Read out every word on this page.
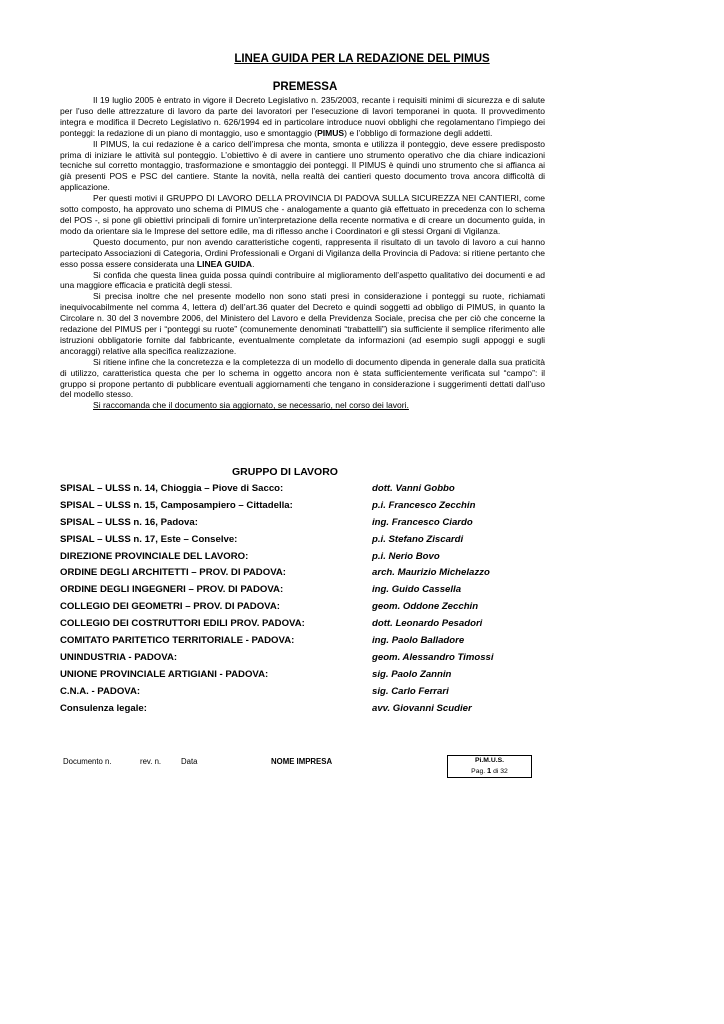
LINEA GUIDA PER LA REDAZIONE DEL PIMUS
PREMESSA

Il 19 luglio 2005 è entrato in vigore il Decreto Legislativo n. 235/2003, recante i requisiti minimi di sicurezza e di salute per l'uso delle attrezzature di lavoro da parte dei lavoratori per l’esecuzione di lavori temporanei in quota. Il provvedimento integra e modifica il Decreto Legislativo n. 626/1994 ed in particolare introduce nuovi obblighi che regolamentano l’impiego dei ponteggi: la redazione di un piano di montaggio, uso e smontaggio (PIMUS) e l’obbligo di formazione degli addetti.

Il PIMUS, la cui redazione è a carico dell’impresa che monta, smonta e utilizza il ponteggio, deve essere predisposto prima di iniziare le attività sul ponteggio. L’obiettivo è di avere in cantiere uno strumento operativo che dia chiare indicazioni tecniche sul corretto montaggio, trasformazione e smontaggio dei ponteggi. Il PIMUS è quindi uno strumento che si affianca ai già presenti POS e PSC del cantiere. Stante la novità, nella realtà dei cantieri questo documento trova ancora difficoltà di applicazione.

Per questi motivi il GRUPPO DI LAVORO DELLA PROVINCIA DI PADOVA SULLA SICUREZZA NEI CANTIERI, come sotto composto, ha approvato uno schema di PIMUS che - analogamente a quanto già effettuato in precedenza con lo schema del POS -, si pone gli obiettivi principali di fornire un’interpretazione della recente normativa e di creare un documento guida, in modo da orientare sia le Imprese del settore edile, ma di riflesso anche i Coordinatori e gli stessi Organi di Vigilanza.

Questo documento, pur non avendo caratteristiche cogenti, rappresenta il risultato di un tavolo di lavoro a cui hanno partecipato Associazioni di Categoria, Ordini Professionali e Organi di Vigilanza della Provincia di Padova: si ritiene pertanto che esso possa essere considerata una LINEA GUIDA.

Si confida che questa linea guida possa quindi contribuire al miglioramento dell’aspetto qualitativo dei documenti e ad una maggiore efficacia e praticità degli stessi.

Si precisa inoltre che nel presente modello non sono stati presi in considerazione i ponteggi su ruote, richiamati inequivocabilmente nel comma 4, lettera d) dell’art.36 quater del Decreto e quindi soggetti ad obbligo di PIMUS, in quanto la Circolare n. 30 del 3 novembre 2006, del Ministero del Lavoro e della Previdenza Sociale, precisa che per ciò che concerne la redazione del PIMUS per i “ponteggi su ruote” (comunemente denominati “trabattelli”) sia sufficiente il semplice riferimento alle istruzioni obbligatorie fornite dal fabbricante, eventualmente completate da informazioni (ad esempio sugli appoggi e sugli ancoraggi) relative alla specifica realizzazione.

Si ritiene infine che la concretezza e la completezza di un modello di documento dipenda in generale dalla sua praticità di utilizzo, caratteristica questa che per lo schema in oggetto ancora non è stata sufficientemente verificata sul “campo”: il gruppo si propone pertanto di pubblicare eventuali aggiornamenti che tengano in considerazione i suggerimenti dettati dall’uso del modello stesso.

Si raccomanda che il documento sia aggiornato, se necessario, nel corso dei lavori.

GRUPPO DI LAVORO
SPISAL – ULSS n. 14, Chioggia – Piove di Sacco:	dott. Vanni Gobbo
SPISAL – ULSS n. 15, Camposampiero – Cittadella:	p.i. Francesco Zecchin
SPISAL – ULSS n. 16, Padova:	ing. Francesco Ciardo
SPISAL – ULSS n. 17, Este – Conselve:	p.i. Stefano Ziscardi
DIREZIONE PROVINCIALE DEL LAVORO:	p.i. Nerio Bovo
ORDINE DEGLI ARCHITETTI – PROV. DI PADOVA:	arch. Maurizio Michelazzo
ORDINE DEGLI INGEGNERI – PROV. DI PADOVA:	ing. Guido Cassella
COLLEGIO DEI GEOMETRI – PROV. DI PADOVA:	geom. Oddone Zecchin
COLLEGIO DEI COSTRUTTORI EDILI PROV. PADOVA:	dott. Leonardo Pesadori
COMITATO PARITETICO TERRITORIALE - PADOVA:	ing. Paolo Balladore
UNINDUSTRIA - PADOVA:	geom. Alessandro Timossi
UNIONE PROVINCIALE ARTIGIANI - PADOVA:	sig. Paolo Zannin
C.N.A. - PADOVA:	sig. Carlo Ferrari
Consulenza legale:	avv. Giovanni Scudier
Documento n.	rev. n.	Data	NOME IMPRESA	Pi.M.U.S.
Pag. 1 di 32
